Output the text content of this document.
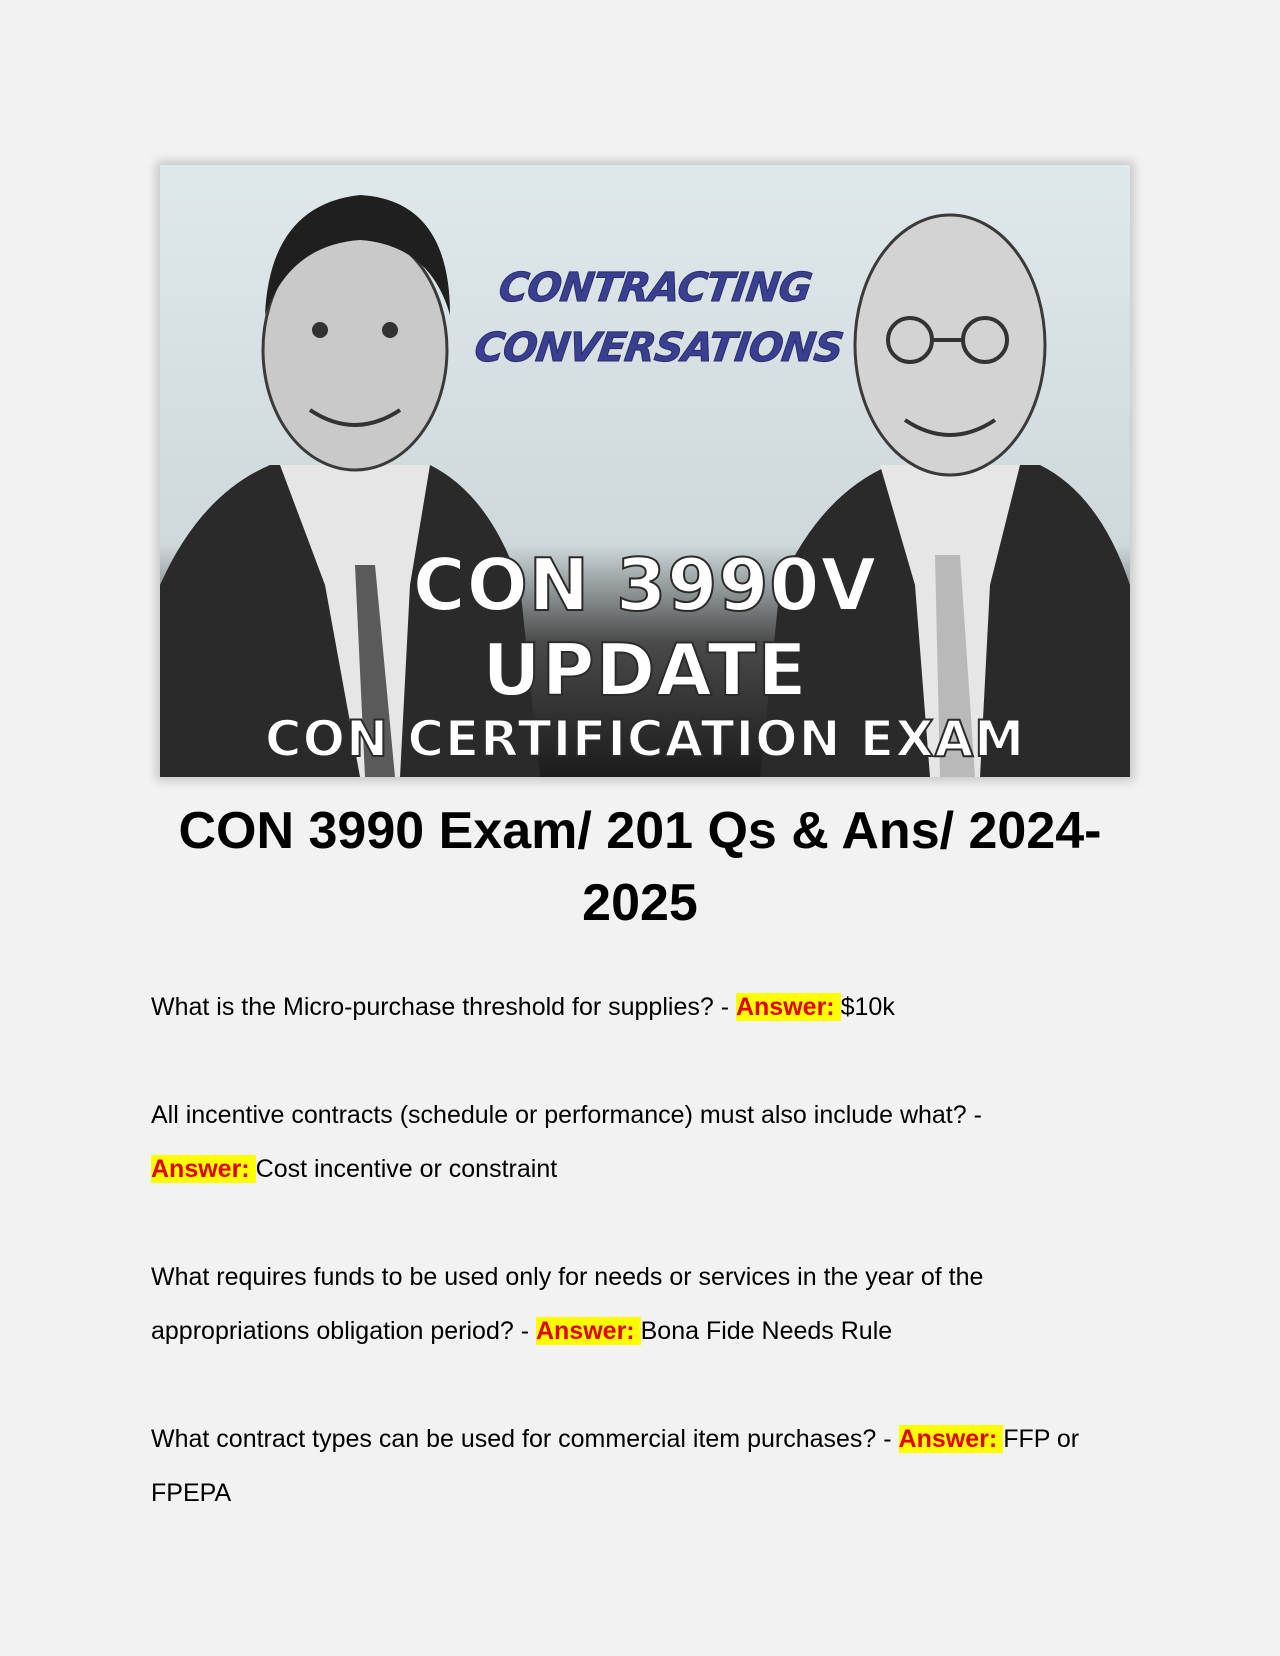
CONTRACTING
CONVERSATIONS
CON 3990V
UPDATE
CON CERTIFICATION EXAM
CON 3990 Exam/ 201 Qs & Ans/ 2024-
2025
What is the Micro-purchase threshold for supplies? - Answer: $10k
All incentive contracts (schedule or performance) must also include what? - Answer: Cost incentive or constraint
What requires funds to be used only for needs or services in the year of the appropriations obligation period? - Answer: Bona Fide Needs Rule
What contract types can be used for commercial item purchases? - Answer: FFP or FPEPA
